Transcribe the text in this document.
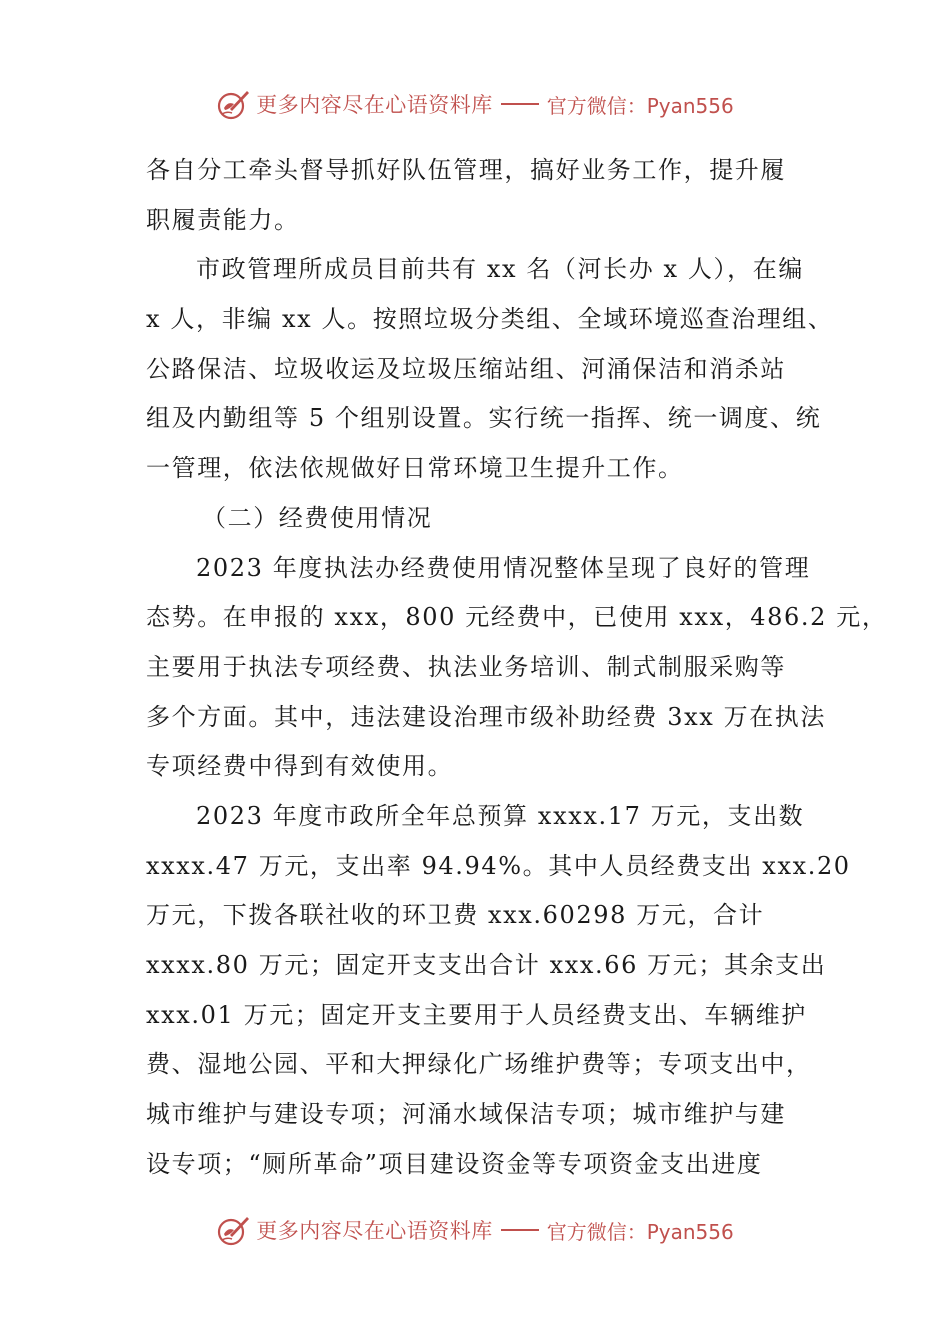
更多内容尽在心语资料库	官方微信：Pyan556
各自分工牵头督导抓好队伍管理，搞好业务工作，提升履
职履责能力。
市政管理所成员目前共有 xx 名（河长办 x 人），在编
x 人，非编 xx 人。按照垃圾分类组、全域环境巡查治理组、
公路保洁、垃圾收运及垃圾压缩站组、河涌保洁和消杀站
组及内勤组等 5 个组别设置。实行统一指挥、统一调度、统
一管理，依法依规做好日常环境卫生提升工作。
（二）经费使用情况
2023 年度执法办经费使用情况整体呈现了良好的管理
态势。在申报的 xxx，800 元经费中，已使用 xxx，486.2 元，
主要用于执法专项经费、执法业务培训、制式制服采购等
多个方面。其中，违法建设治理市级补助经费 3xx 万在执法
专项经费中得到有效使用。
2023 年度市政所全年总预算 xxxx.17 万元，支出数
xxxx.47 万元，支出率 94.94%。其中人员经费支出 xxx.20
万元，下拨各联社收的环卫费 xxx.60298 万元，合计
xxxx.80 万元；固定开支支出合计 xxx.66 万元；其余支出
xxx.01 万元；固定开支主要用于人员经费支出、车辆维护
费、湿地公园、平和大押绿化广场维护费等；专项支出中，
城市维护与建设专项；河涌水域保洁专项；城市维护与建
设专项；“厕所革命”项目建设资金等专项资金支出进度
更多内容尽在心语资料库	官方微信：Pyan556
